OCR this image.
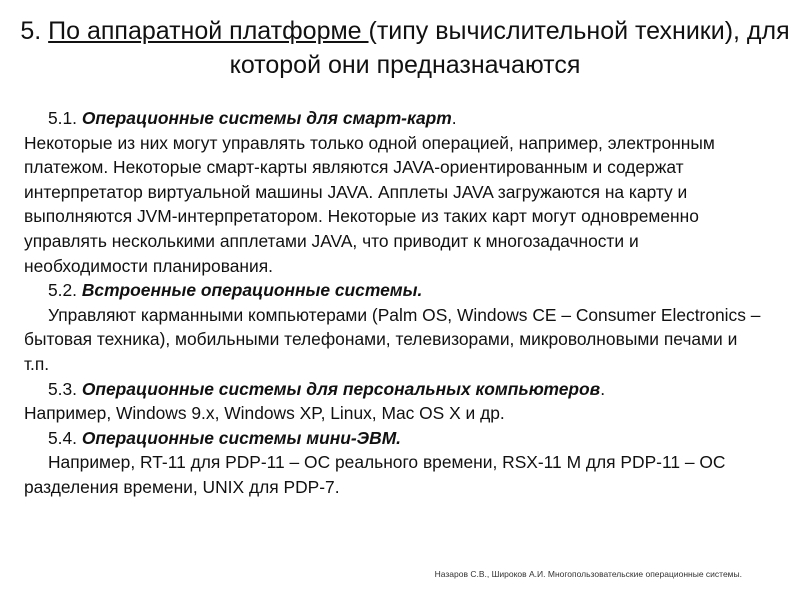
5. По аппаратной платформе (типу вычислительной техники), для которой они предназначаются

5.1. Операционные системы для смарт-карт.

Некоторые из них могут управлять только одной операцией, например, электронным платежом. Некоторые смарт-карты являются JAVA-ориентированным и содержат интерпретатор виртуальной машины JAVA. Апплеты JAVA загружаются на карту и выполняются JVM-интерпретатором. Некоторые из таких карт могут одновременно управлять несколькими апплетами JAVA, что приводит к многозадачности и необходимости планирования.

5.2. Встроенные операционные системы.

Управляют карманными компьютерами (Palm OS, Windows CE – Consumer Electronics – бытовая техника), мобильными телефонами, телевизорами, микроволновыми печами и т.п.

5.3. Операционные системы для персональных компьютеров.

Например, Windows 9.x, Windows XP, Linux, Mac OS X и др.

5.4. Операционные системы мини-ЭВМ.

Например, RT-11 для PDP-11 – ОС реального времени, RSX-11 M для PDP-11 – ОС разделения времени, UNIX для PDP-7.

Назаров С.В., Широков А.И. Многопользовательские операционные системы.
